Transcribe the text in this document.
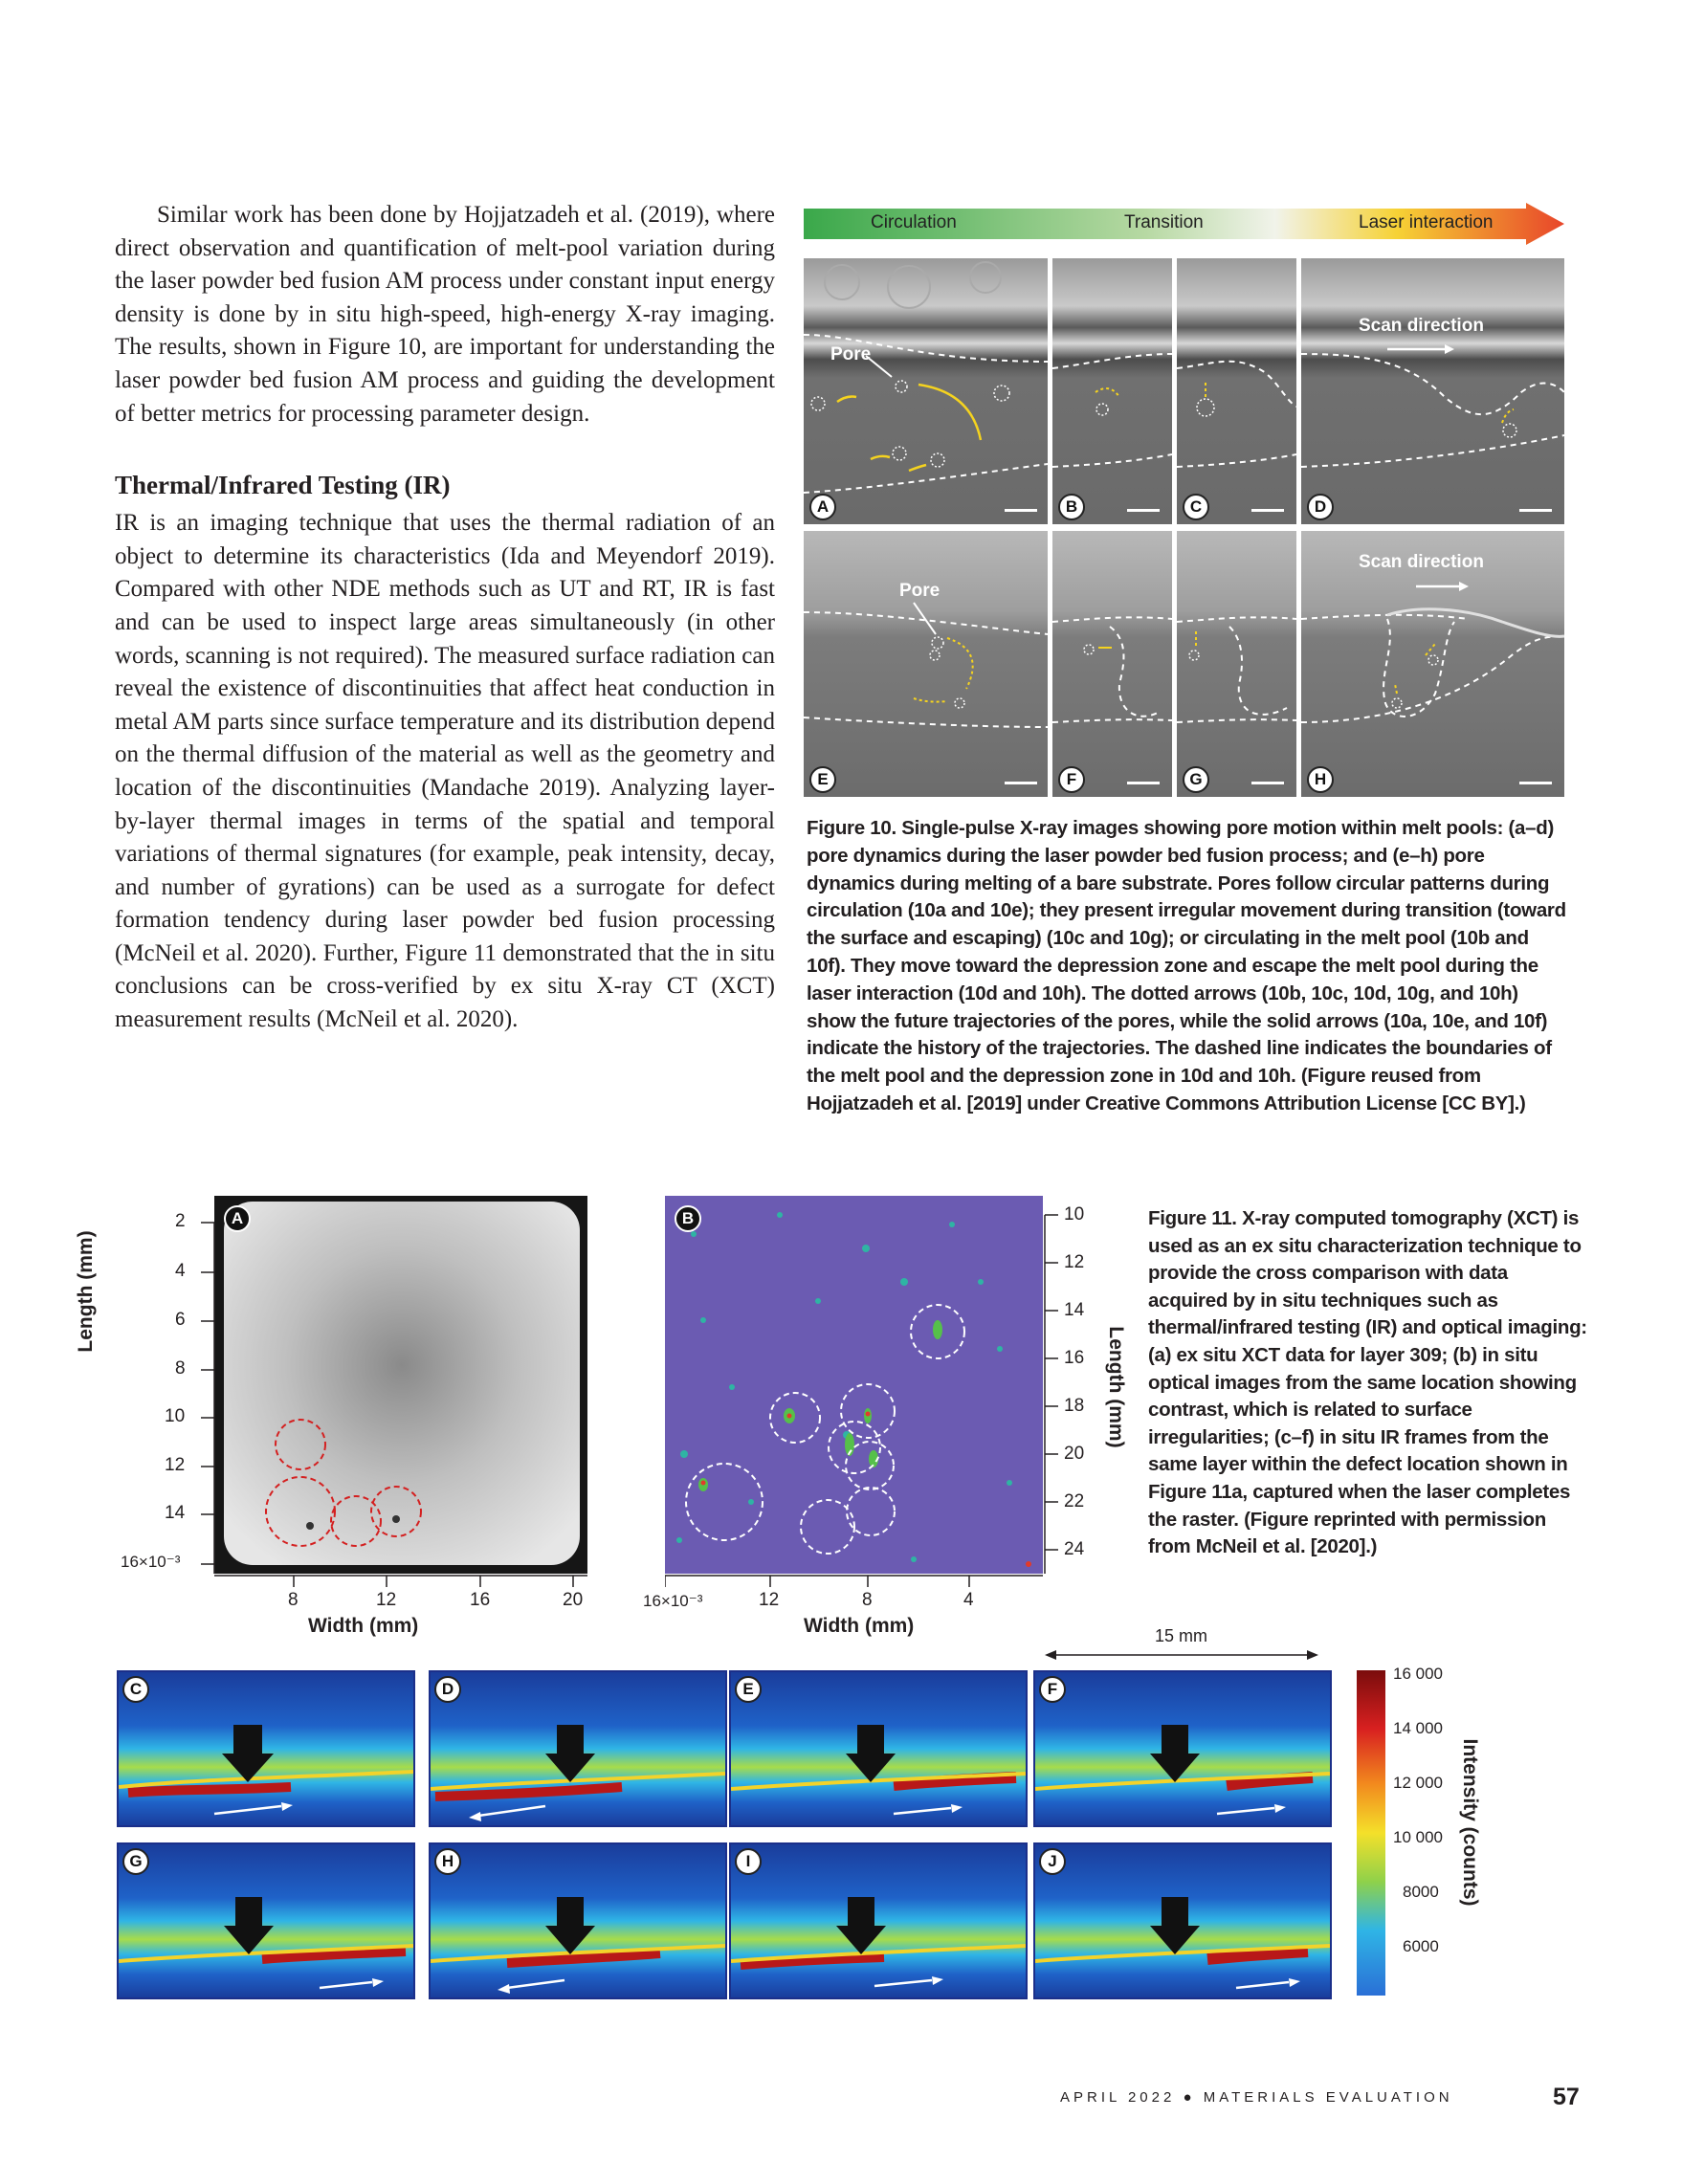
Similar work has been done by Hojjatzadeh et al. (2019), where direct observation and quantification of melt-pool variation during the laser powder bed fusion AM process under constant input energy density is done by in situ high-speed, high-energy X-ray imaging. The results, shown in Figure 10, are important for understanding the laser powder bed fusion AM process and guiding the development of better metrics for processing parameter design.

Thermal/Infrared Testing (IR)

IR is an imaging technique that uses the thermal radiation of an object to determine its characteristics (Ida and Meyendorf 2019). Compared with other NDE methods such as UT and RT, IR is fast and can be used to inspect large areas simultaneously (in other words, scanning is not required). The measured surface radiation can reveal the existence of discontinuities that affect heat conduction in metal AM parts since surface temperature and its distribution depend on the thermal diffusion of the material as well as the geometry and location of the discontinuities (Mandache 2019). Analyzing layer-by-layer thermal images in terms of the spatial and temporal variations of thermal signatures (for example, peak intensity, decay, and number of gyrations) can be used as a surrogate for defect formation tendency during laser powder bed fusion processing (McNeil et al. 2020). Further, Figure 11 demonstrated that the in situ conclusions can be cross-verified by ex situ X-ray CT (XCT) measurement results (McNeil et al. 2020).

Circulation	Transition	Laser interaction
Pore
A	B	C
Scan direction
D
Pore
E	F	G
Scan direction
H
Figure 10. Single-pulse X-ray images showing pore motion within melt pools: (a–d) pore dynamics during the laser powder bed fusion process; and (e–h) pore dynamics during melting of a bare substrate. Pores follow circular patterns during circulation (10a and 10e); they present irregular movement during transition (toward the surface and escaping) (10c and 10g); or circulating in the melt pool (10b and 10f). They move toward the depression zone and escape the melt pool during the laser interaction (10d and 10h). The dotted arrows (10b, 10c, 10d, 10g, and 10h) show the future trajectories of the pores, while the solid arrows (10a, 10e, and 10f) indicate the history of the trajectories. The dashed line indicates the boundaries of the melt pool and the depression zone in 10d and 10h. (Figure reused from Hojjatzadeh et al. [2019] under Creative Commons Attribution License [CC BY].)
A
2
4
6
8
10
12
14
16×10⁻³
Length (mm)
8	12	16	20
Width (mm)
B	10
12
14
16
18
20
22
24
Length (mm)
16×10⁻³	12	8	4
Width (mm)
Figure 11. X-ray computed tomography (XCT) is used as an ex situ characterization technique to provide the cross comparison with data acquired by in situ techniques such as thermal/infrared testing (IR) and optical imaging: (a) ex situ XCT data for layer 309; (b) in situ optical images from the same location showing contrast, which is related to surface irregularities; (c–f) in situ IR frames from the same layer within the defect location shown in Figure 11a, captured when the laser completes the raster. (Figure reprinted with permission from McNeil et al. [2020].)
15 mm
C	D	E	F
G	H	I	J
16 000
14 000
12 000
10 000
8000
6000
Intensity (counts)
APRIL 2022 ● MATERIALS EVALUATION	57
